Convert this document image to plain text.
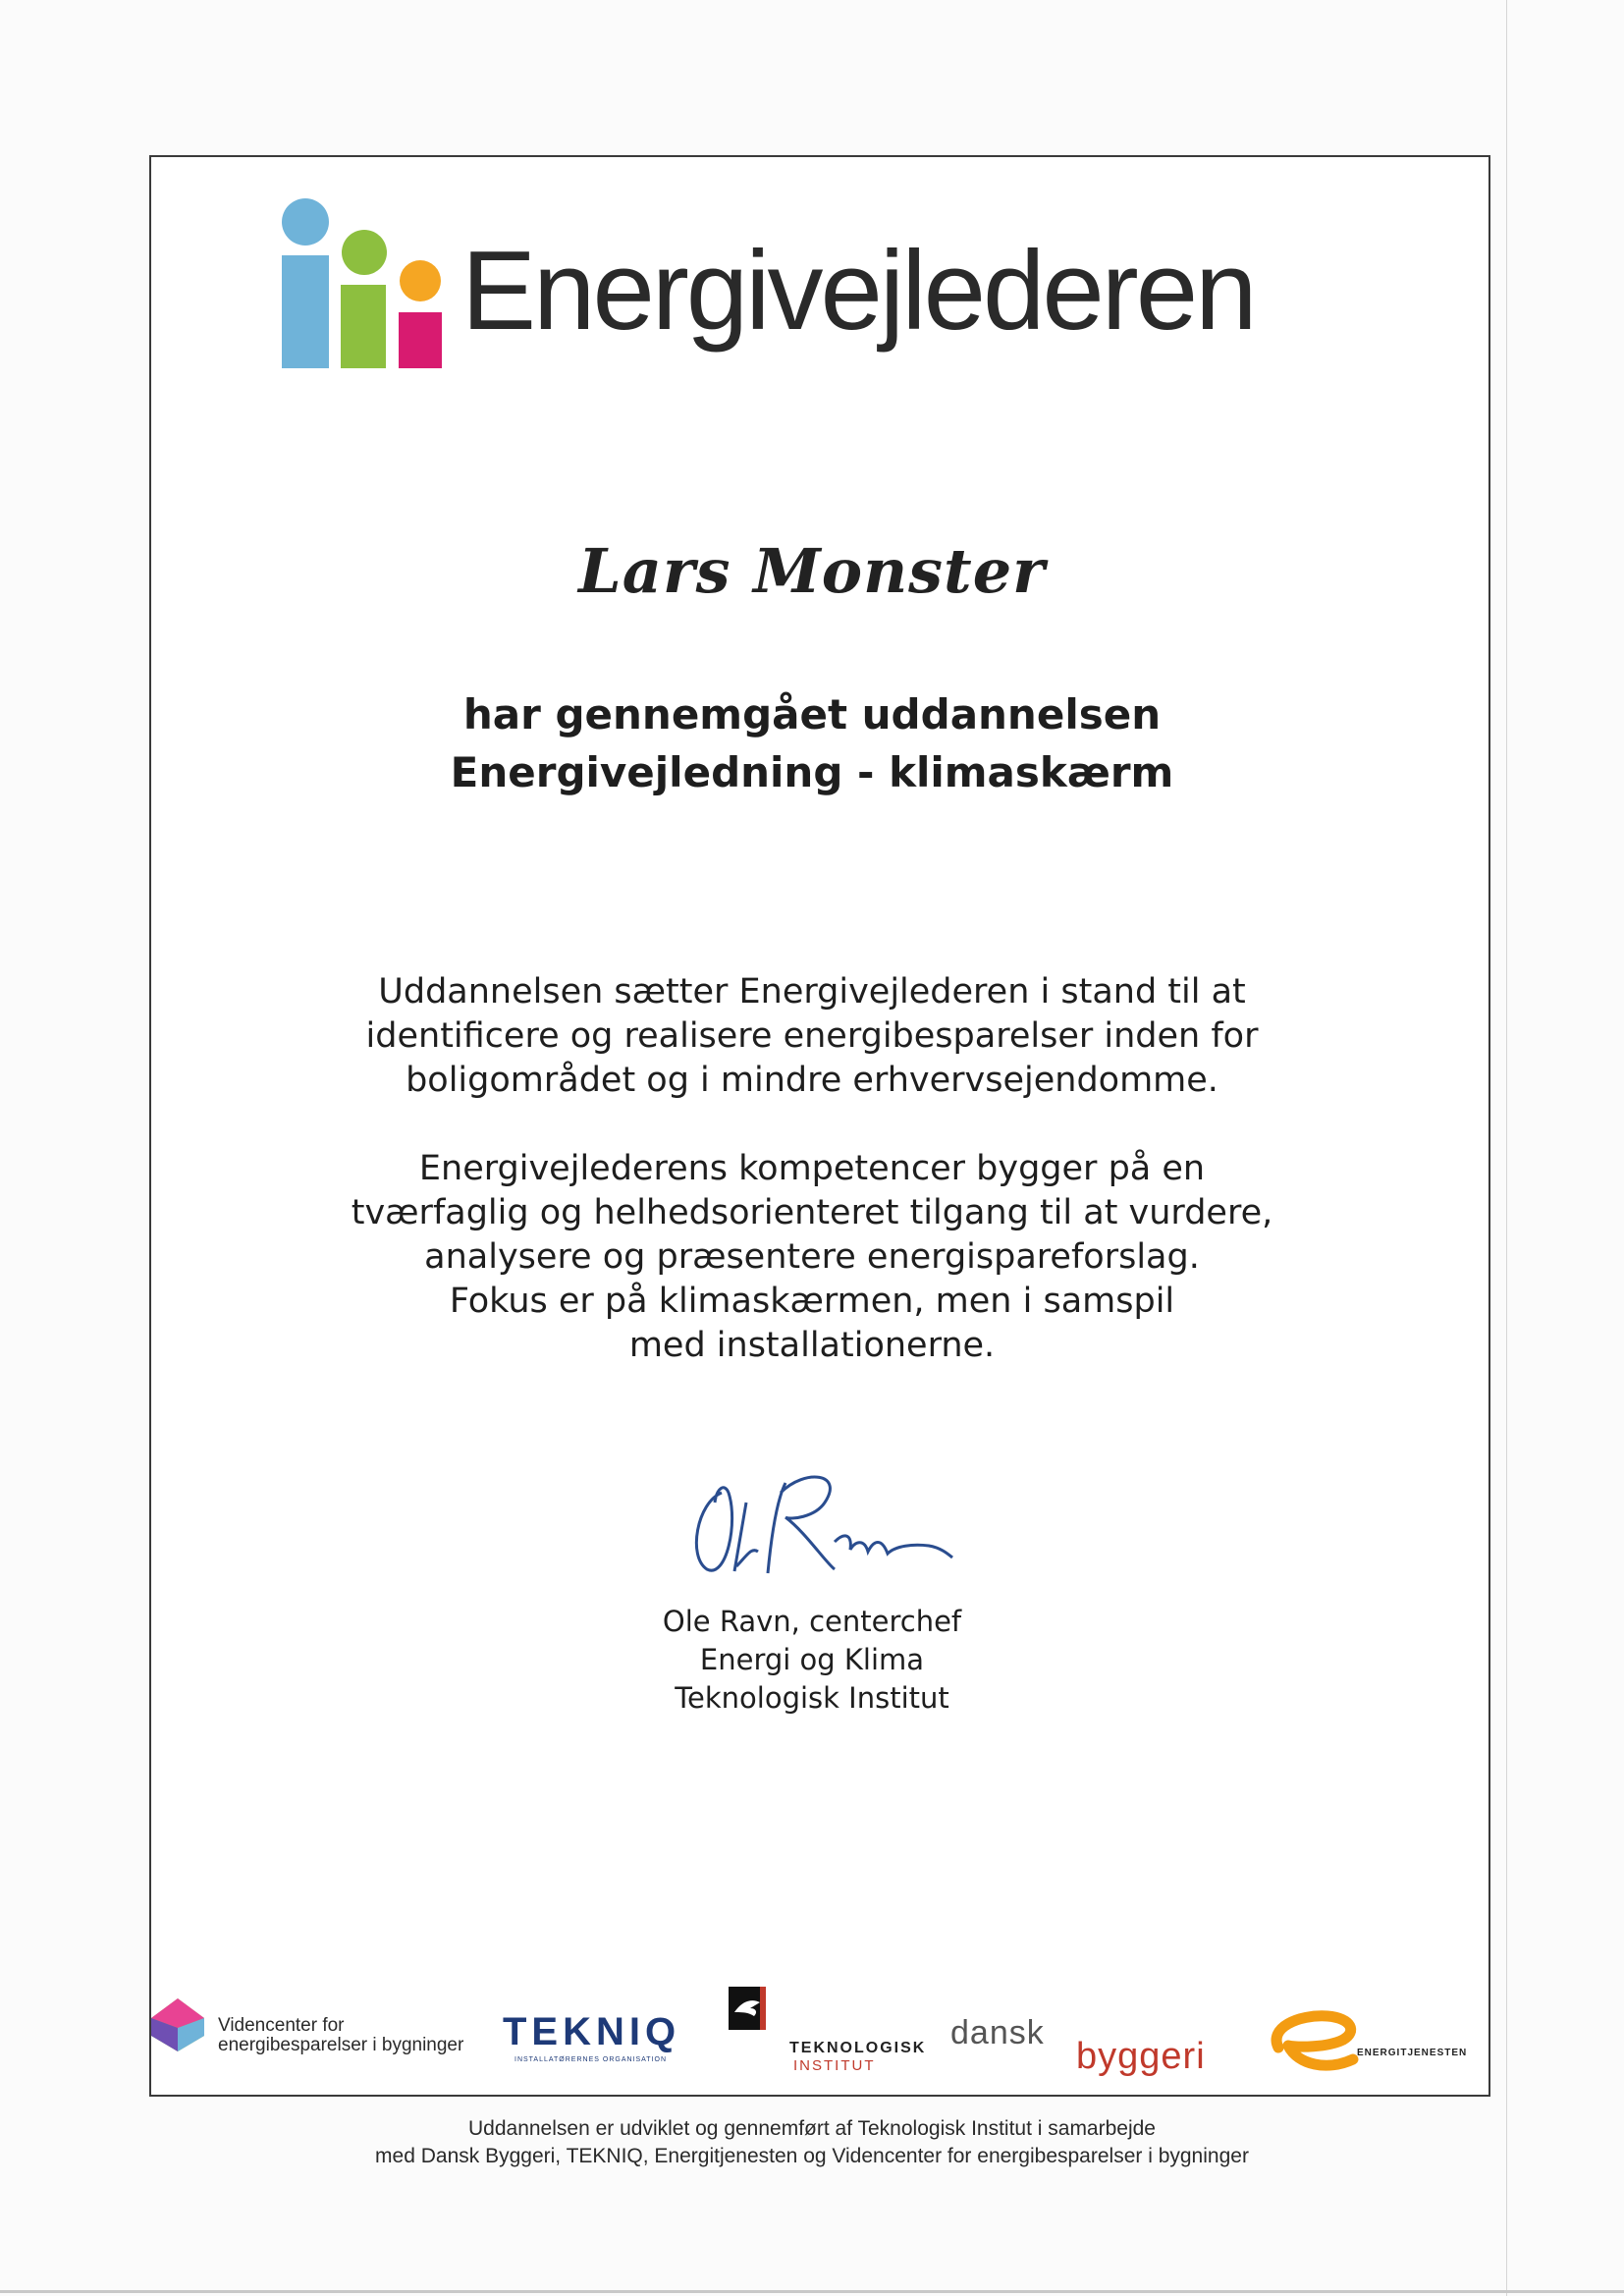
Energivejlederen
Lars Monster
har gennemgået uddannelsen
Energivejledning - klimaskærm
Uddannelsen sætter Energivejlederen i stand til at
identificere og realisere energibesparelser inden for
boligområdet og i mindre erhvervsejendomme.
Energivejlederens kompetencer bygger på en
tværfaglig og helhedsorienteret tilgang til at vurdere,
analysere og præsentere energispareforslag.
Fokus er på klimaskærmen, men i samspil
med installationerne.
Ole Ravn, centerchef
Energi og Klima
Teknologisk Institut
Videncenter for
energibesparelser i bygninger TEKNIQ
INSTALLATØRERNES ORGANISATION
TEKNOLOGISK
INSTITUT
dansk
byggeri	ENERGITJENESTEN
Uddannelsen er udviklet og gennemført af Teknologisk Institut i samarbejde
med Dansk Byggeri, TEKNIQ, Energitjenesten og Videncenter for energibesparelser i bygninger
